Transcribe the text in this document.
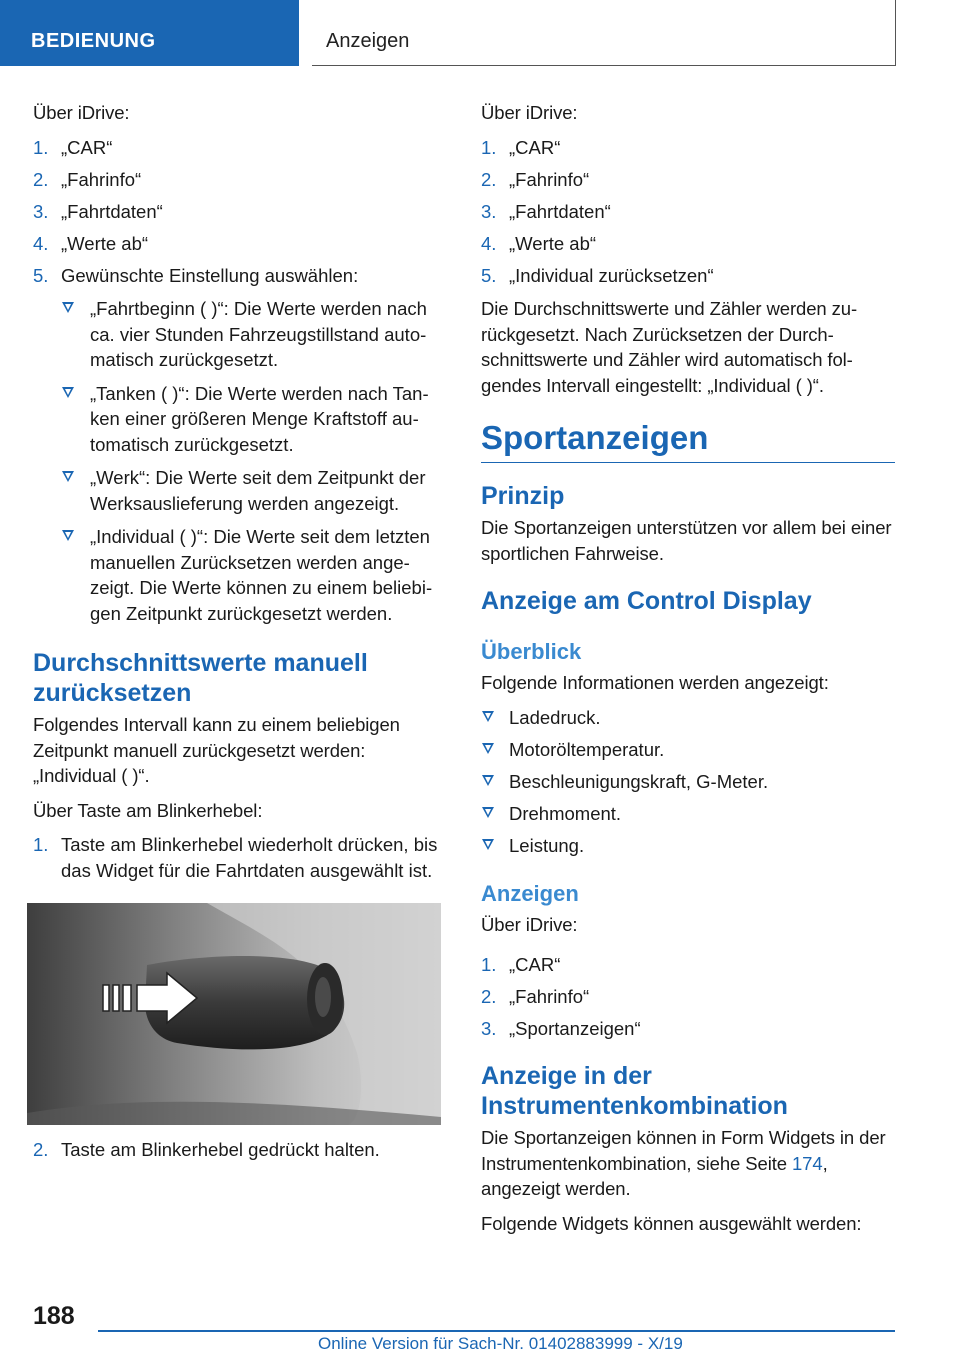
BEDIENUNG	Anzeigen

Über iDrive:

1. „CAR“
2. „Fahrinfo“
3. „Fahrtdaten“
4. „Werte ab“
5. Gewünschte Einstellung auswählen:
„Fahrtbeginn ( )“: Die Werte werden nach ca. vier Stunden Fahrzeugstillstand automatisch zurückgesetzt.
„Tanken ( )“: Die Werte werden nach Tanken einer größeren Menge Kraftstoff automatisch zurückgesetzt.
„Werk“: Die Werte seit dem Zeitpunkt der Werksauslieferung werden angezeigt.
„Individual ( )“: Die Werte seit dem letzten manuellen Zurücksetzen werden angezeigt. Die Werte können zu einem beliebigen Zeitpunkt zurückgesetzt werden.
Durchschnittswerte manuell zurücksetzen

Folgendes Intervall kann zu einem beliebigen Zeitpunkt manuell zurückgesetzt werden: „Individual ( )“.

Über Taste am Blinkerhebel:

1. Taste am Blinkerhebel wiederholt drücken, bis das Widget für die Fahrtdaten ausgewählt ist.
2. Taste am Blinkerhebel gedrückt halten.

Über iDrive:

1. „CAR“
2. „Fahrinfo“
3. „Fahrtdaten“
4. „Werte ab“
5. „Individual zurücksetzen“

Die Durchschnittswerte und Zähler werden zurückgesetzt. Nach Zurücksetzen der Durchschnittswerte und Zähler wird automatisch folgendes Intervall eingestellt: „Individual ( )“.

Sportanzeigen
Prinzip

Die Sportanzeigen unterstützen vor allem bei einer sportlichen Fahrweise.

Anzeige am Control Display
Überblick

Folgende Informationen werden angezeigt:

Ladedruck.
Motoröltemperatur.
Beschleunigungskraft, G-Meter.
Drehmoment.
Leistung.
Anzeigen

Über iDrive:

1. „CAR“
2. „Fahrinfo“
3. „Sportanzeigen“
Anzeige in der Instrumentenkombination

Die Sportanzeigen können in Form Widgets in der Instrumentenkombination, siehe Seite 174, angezeigt werden.

Folgende Widgets können ausgewählt werden:

188
Online Version für Sach-Nr. 01402883999 - X/19
